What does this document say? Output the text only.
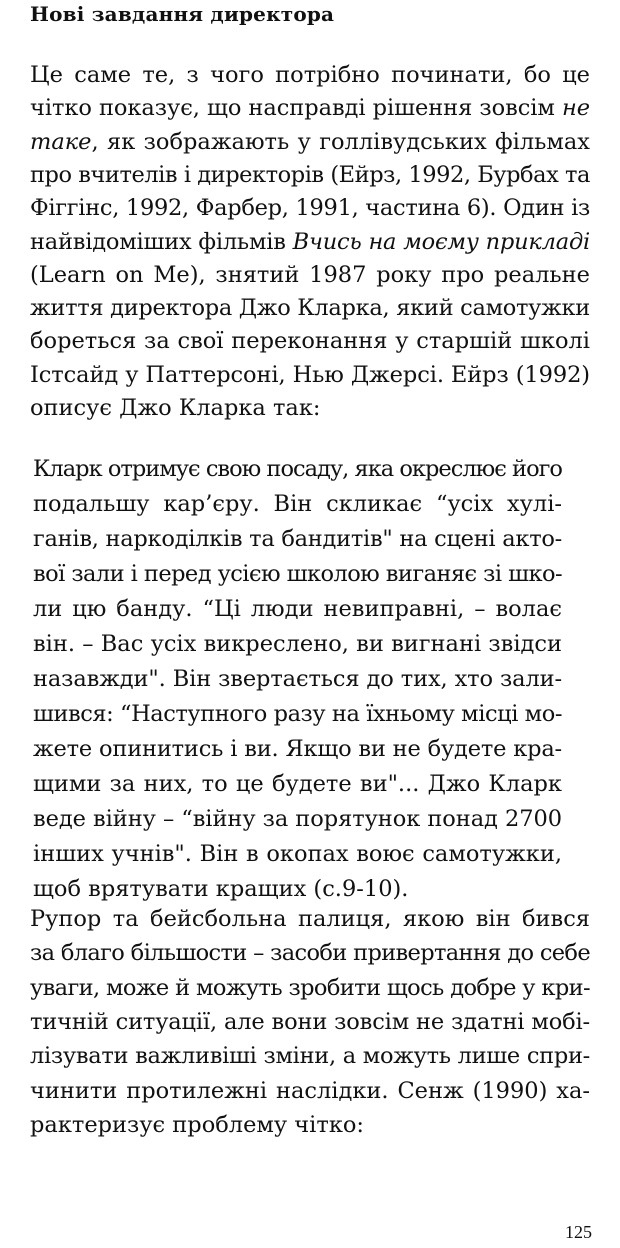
Нові завдання директора
Це саме те, з чого потрібно починати, бо це
чітко показує, що насправді рішення зовсім не
таке, як зображають у голлівудських фільмах
про вчителів і директорів (Ейрз, 1992, Бурбах та
Фіггінс, 1992, Фарбер, 1991, частина 6). Один із
найвідоміших фільмів Вчись на моєму прикладі
(Learn on Me), знятий 1987 року про реальне
життя директора Джо Кларка, який самотужки
бореться за свої переконання у старшій школі
Істсайд у Паттерсоні, Нью Джерсі. Ейрз (1992)
описує Джо Кларка так:
Кларк отримує свою посаду, яка окреслює його
подальшу кар’єру. Він скликає “усіх хулі-
ганів, наркоділків та бандитів" на сцені акто-
вої зали і перед усією школою виганяє зі шко-
ли цю банду. “Ці люди невиправні, – волає
він. – Вас усіх викреслено, ви вигнані звідси
назавжди". Він звертається до тих, хто зали-
шився: “Наступного разу на їхньому місці мо-
жете опинитись і ви. Якщо ви не будете кра-
щими за них, то це будете ви"... Джо Кларк
веде війну – “війну за порятунок понад 2700
інших учнів". Він в окопах воює самотужки,
щоб врятувати кращих (с.9-10).
Рупор та бейсбольна палиця, якою він бився
за благо більшости – засоби привертання до себе
уваги, може й можуть зробити щось добре у кри-
тичній ситуації, але вони зовсім не здатні мобі-
лізувати важливіші зміни, а можуть лише спри-
чинити протилежні наслідки. Сенж (1990) ха-
рактеризує проблему чітко:
125
